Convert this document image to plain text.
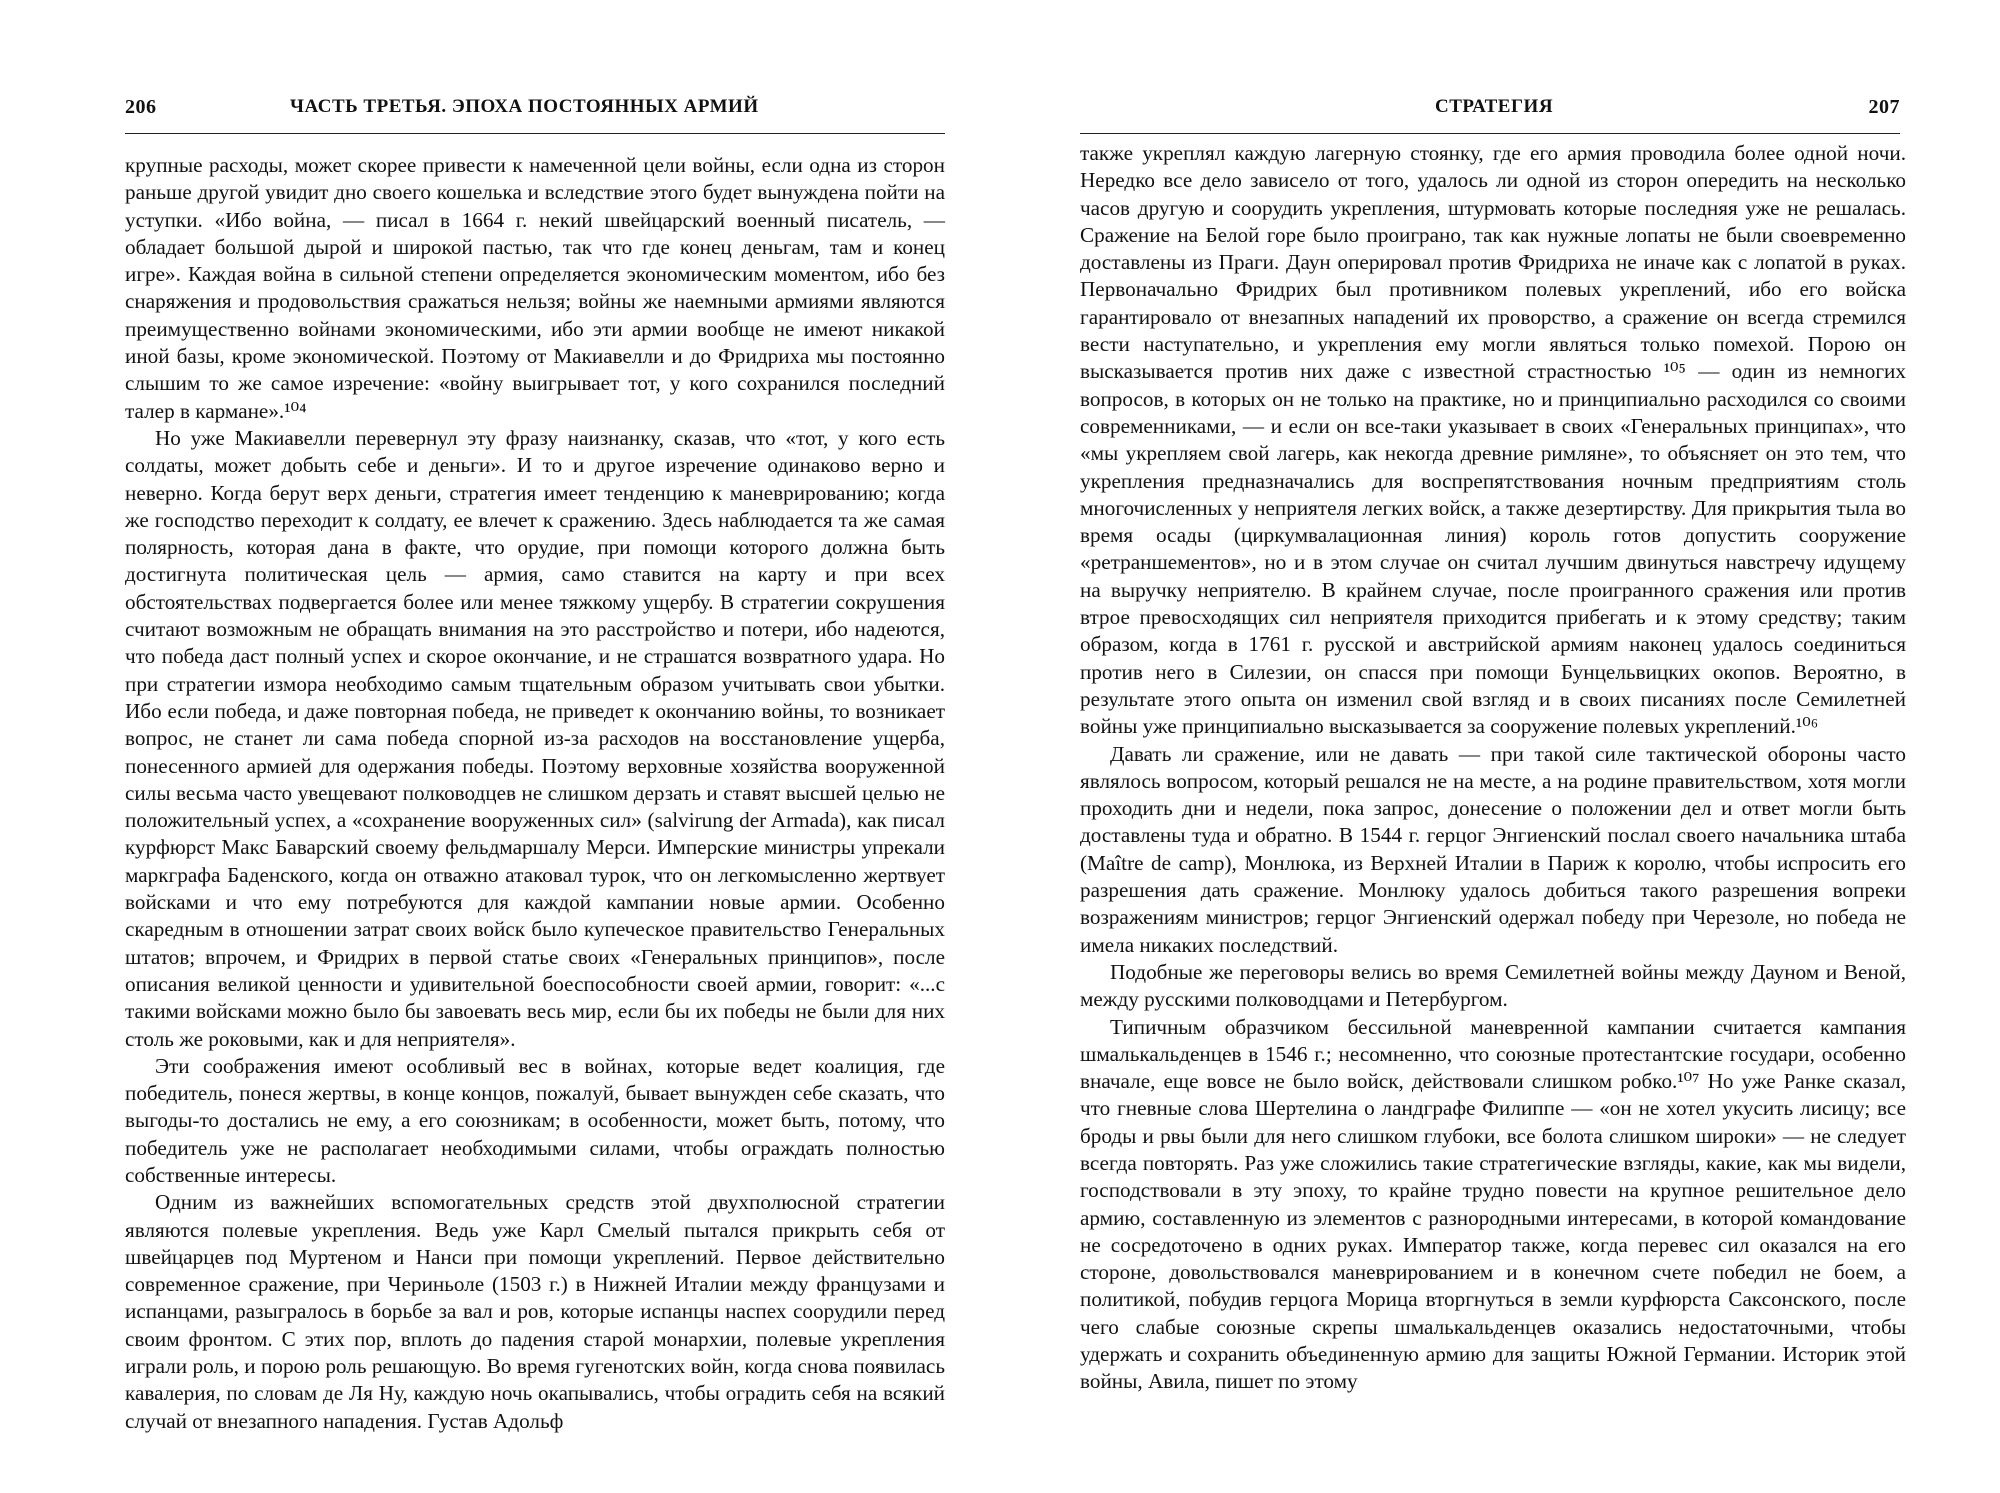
206	ЧАСТЬ ТРЕТЬЯ. ЭПОХА ПОСТОЯННЫХ АРМИЙ

крупные расходы, может скорее привести к намеченной цели войны, если одна из сторон раньше другой увидит дно своего кошелька и вследствие этого будет вынуждена пойти на уступки. «Ибо война, — писал в 1664 г. некий швейцарский военный писатель, — обладает большой дырой и широкой пастью, так что где конец деньгам, там и конец игре». Каждая война в сильной степени определяется экономическим моментом, ибо без снаряжения и продовольствия сражаться нельзя; войны же наемными армиями являются преимущественно войнами экономическими, ибо эти армии вообще не имеют никакой иной базы, кроме экономической. Поэтому от Макиавелли и до Фридриха мы постоянно слышим то же самое изречение: «войну выигрывает тот, у кого сохранился последний талер в кармане».¹⁰⁴

Но уже Макиавелли перевернул эту фразу наизнанку, сказав, что «тот, у кого есть солдаты, может добыть себе и деньги». И то и другое изречение одинаково верно и неверно. Когда берут верх деньги, стратегия имеет тенденцию к маневрированию; когда же господство переходит к солдату, ее влечет к сражению. Здесь наблюдается та же самая полярность, которая дана в факте, что орудие, при помощи которого должна быть достигнута политическая цель — армия, само ставится на карту и при всех обстоятельствах подвергается более или менее тяжкому ущербу. В стратегии сокрушения считают возможным не обращать внимания на это расстройство и потери, ибо надеются, что победа даст полный успех и скорое окончание, и не страшатся возвратного удара. Но при стратегии измора необходимо самым тщательным образом учитывать свои убытки. Ибо если победа, и даже повторная победа, не приведет к окончанию войны, то возникает вопрос, не станет ли сама победа спорной из-за расходов на восстановление ущерба, понесенного армией для одержания победы. Поэтому верховные хозяйства вооруженной силы весьма часто увещевают полководцев не слишком дерзать и ставят высшей целью не положительный успех, а «сохранение вооруженных сил» (salvirung der Armada), как писал курфюрст Макс Баварский своему фельдмаршалу Мерси. Имперские министры упрекали маркграфа Баденского, когда он отважно атаковал турок, что он легкомысленно жертвует войсками и что ему потребуются для каждой кампании новые армии. Особенно скаредным в отношении затрат своих войск было купеческое правительство Генеральных штатов; впрочем, и Фридрих в первой статье своих «Генеральных принципов», после описания великой ценности и удивительной боеспособности своей армии, говорит: «...с такими войсками можно было бы завоевать весь мир, если бы их победы не были для них столь же роковыми, как и для неприятеля».

Эти соображения имеют особливый вес в войнах, которые ведет коалиция, где победитель, понеся жертвы, в конце концов, пожалуй, бывает вынужден себе сказать, что выгоды-то достались не ему, а его союзникам; в особенности, может быть, потому, что победитель уже не располагает необходимыми силами, чтобы ограждать полностью собственные интересы.

Одним из важнейших вспомогательных средств этой двухполюсной стратегии являются полевые укрепления. Ведь уже Карл Смелый пытался прикрыть себя от швейцарцев под Муртеном и Нанси при помощи укреплений. Первое действительно современное сражение, при Чериньоле (1503 г.) в Нижней Италии между французами и испанцами, разыгралось в борьбе за вал и ров, которые испанцы наспех соорудили перед своим фронтом. С этих пор, вплоть до падения старой монархии, полевые укрепления играли роль, и порою роль решающую. Во время гугенотских войн, когда снова появилась кавалерия, по словам де Ля Ну, каждую ночь окапывались, чтобы оградить себя на всякий случай от внезапного нападения. Густав Адольф

СТРАТЕГИЯ	207

также укреплял каждую лагерную стоянку, где его армия проводила более одной ночи. Нередко все дело зависело от того, удалось ли одной из сторон опередить на несколько часов другую и соорудить укрепления, штурмовать которые последняя уже не решалась. Сражение на Белой горе было проиграно, так как нужные лопаты не были своевременно доставлены из Праги. Даун оперировал против Фридриха не иначе как с лопатой в руках. Первоначально Фридрих был противником полевых укреплений, ибо его войска гарантировало от внезапных нападений их проворство, а сражение он всегда стремился вести наступательно, и укрепления ему могли являться только помехой. Порою он высказывается против них даже с известной страстностью ¹⁰⁵ — один из немногих вопросов, в которых он не только на практике, но и принципиально расходился со своими современниками, — и если он все-таки указывает в своих «Генеральных принципах», что «мы укрепляем свой лагерь, как некогда древние римляне», то объясняет он это тем, что укрепления предназначались для воспрепятствования ночным предприятиям столь многочисленных у неприятеля легких войск, а также дезертирству. Для прикрытия тыла во время осады (циркумвалационная линия) король готов допустить сооружение «ретраншементов», но и в этом случае он считал лучшим двинуться навстречу идущему на выручку неприятелю. В крайнем случае, после проигранного сражения или против втрое превосходящих сил неприятеля приходится прибегать и к этому средству; таким образом, когда в 1761 г. русской и австрийской армиям наконец удалось соединиться против него в Силезии, он спасся при помощи Бунцельвицких окопов. Вероятно, в результате этого опыта он изменил свой взгляд и в своих писаниях после Семилетней войны уже принципиально высказывается за сооружение полевых укреплений.¹⁰⁶

Давать ли сражение, или не давать — при такой силе тактической обороны часто являлось вопросом, который решался не на месте, а на родине правительством, хотя могли проходить дни и недели, пока запрос, донесение о положении дел и ответ могли быть доставлены туда и обратно. В 1544 г. герцог Энгиенский послал своего начальника штаба (Maître de camp), Монлюка, из Верхней Италии в Париж к королю, чтобы испросить его разрешения дать сражение. Монлюку удалось добиться такого разрешения вопреки возражениям министров; герцог Энгиенский одержал победу при Черезоле, но победа не имела никаких последствий.

Подобные же переговоры велись во время Семилетней войны между Дауном и Веной, между русскими полководцами и Петербургом.

Типичным образчиком бессильной маневренной кампании считается кампания шмалькальденцев в 1546 г.; несомненно, что союзные протестантские государи, особенно вначале, еще вовсе не было войск, действовали слишком робко.¹⁰⁷ Но уже Ранке сказал, что гневные слова Шертелина о ландграфе Филиппе — «он не хотел укусить лисицу; все броды и рвы были для него слишком глубоки, все болота слишком широки» — не следует всегда повторять. Раз уже сложились такие стратегические взгляды, какие, как мы видели, господствовали в эту эпоху, то крайне трудно повести на крупное решительное дело армию, составленную из элементов с разнородными интересами, в которой командование не сосредоточено в одних руках. Император также, когда перевес сил оказался на его стороне, довольствовался маневрированием и в конечном счете победил не боем, а политикой, побудив герцога Морица вторгнуться в земли курфюрста Саксонского, после чего слабые союзные скрепы шмалькальденцев оказались недостаточными, чтобы удержать и сохранить объединенную армию для защиты Южной Германии. Историк этой войны, Авила, пишет по этому
